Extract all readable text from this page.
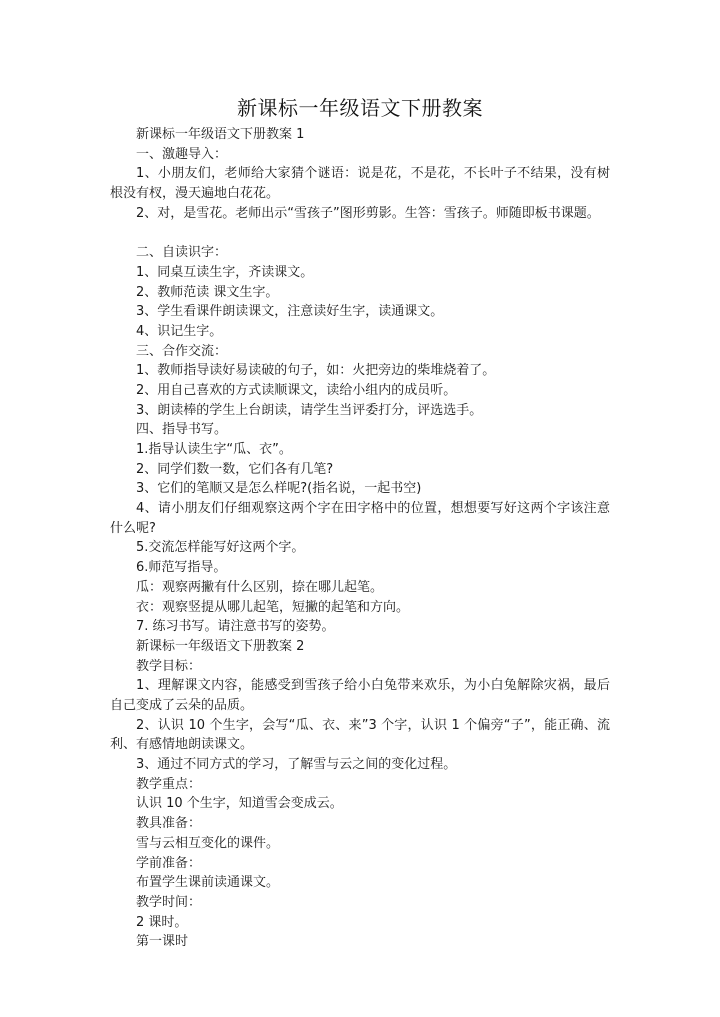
新课标一年级语文下册教案

新课标一年级语文下册教案 1

一、激趣导入：

1、小朋友们，老师给大家猜个谜语：说是花，不是花，不长叶子不结果，没有树根没有杈，漫天遍地白花花。

2、对，是雪花。老师出示“雪孩子”图形剪影。生答：雪孩子。师随即板书课题。

二、自读识字：

1、同桌互读生字，齐读课文。

2、教师范读 课文生字。

3、学生看课件朗读课文，注意读好生字，读通课文。

4、识记生字。

三、合作交流：

1、教师指导读好易读破的句子，如：火把旁边的柴堆烧着了。

2、用自己喜欢的方式读顺课文，读给小组内的成员听。

3、朗读棒的学生上台朗读，请学生当评委打分，评选选手。

四、指导书写。

1.指导认读生字“瓜、衣”。

2、同学们数一数，它们各有几笔?

3、它们的笔顺又是怎么样呢?(指名说，一起书空)

4、请小朋友们仔细观察这两个字在田字格中的位置，想想要写好这两个字该注意什么呢?

5.交流怎样能写好这两个字。

6.师范写指导。

瓜：观察两撇有什么区别，捺在哪儿起笔。

衣：观察竖提从哪儿起笔，短撇的起笔和方向。

7. 练习书写。请注意书写的姿势。

新课标一年级语文下册教案 2

教学目标：

1、理解课文内容，能感受到雪孩子给小白兔带来欢乐，为小白兔解除灾祸，最后自己变成了云朵的品质。

2、认识 10 个生字，会写“瓜、衣、来”3 个字，认识 1 个偏旁“子”，能正确、流利、有感情地朗读课文。

3、通过不同方式的学习，了解雪与云之间的变化过程。

教学重点：

认识 10 个生字，知道雪会变成云。

教具准备：

雪与云相互变化的课件。

学前准备：

布置学生课前读通课文。

教学时间：

2 课时。

第一课时
